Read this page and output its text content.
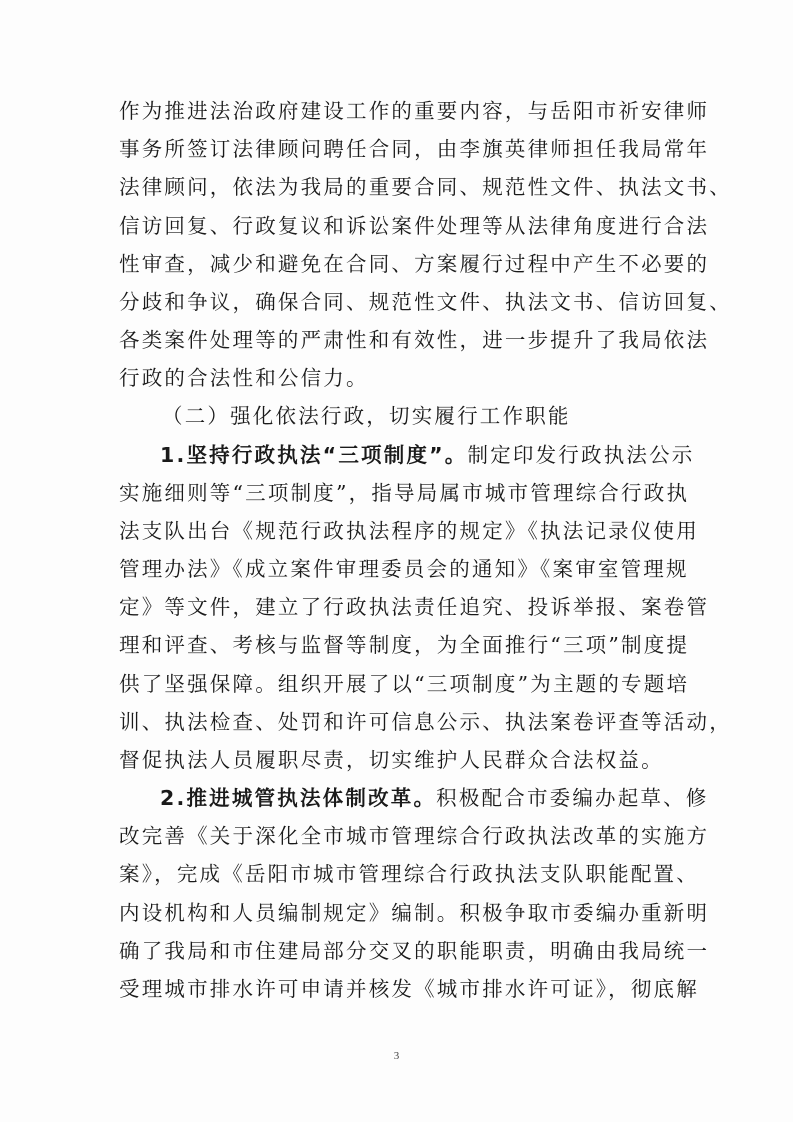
作为推进法治政府建设工作的重要内容，与岳阳市祈安律师
事务所签订法律顾问聘任合同，由李旗英律师担任我局常年
法律顾问，依法为我局的重要合同、规范性文件、执法文书、
信访回复、行政复议和诉讼案件处理等从法律角度进行合法
性审查，减少和避免在合同、方案履行过程中产生不必要的
分歧和争议，确保合同、规范性文件、执法文书、信访回复、
各类案件处理等的严肃性和有效性，进一步提升了我局依法
行政的合法性和公信力。
（二）强化依法行政，切实履行工作职能
1.坚持行政执法“三项制度”。制定印发行政执法公示
实施细则等“三项制度”，指导局属市城市管理综合行政执
法支队出台《规范行政执法程序的规定》《执法记录仪使用
管理办法》《成立案件审理委员会的通知》《案审室管理规
定》等文件，建立了行政执法责任追究、投诉举报、案卷管
理和评查、考核与监督等制度，为全面推行“三项”制度提
供了坚强保障。组织开展了以“三项制度”为主题的专题培
训、执法检查、处罚和许可信息公示、执法案卷评查等活动，
督促执法人员履职尽责，切实维护人民群众合法权益。
2.推进城管执法体制改革。积极配合市委编办起草、修
改完善《关于深化全市城市管理综合行政执法改革的实施方
案》，完成《岳阳市城市管理综合行政执法支队职能配置、
3
内设机构和人员编制规定》编制。积极争取市委编办重新明
确了我局和市住建局部分交叉的职能职责，明确由我局统一
受理城市排水许可申请并核发《城市排水许可证》，彻底解
